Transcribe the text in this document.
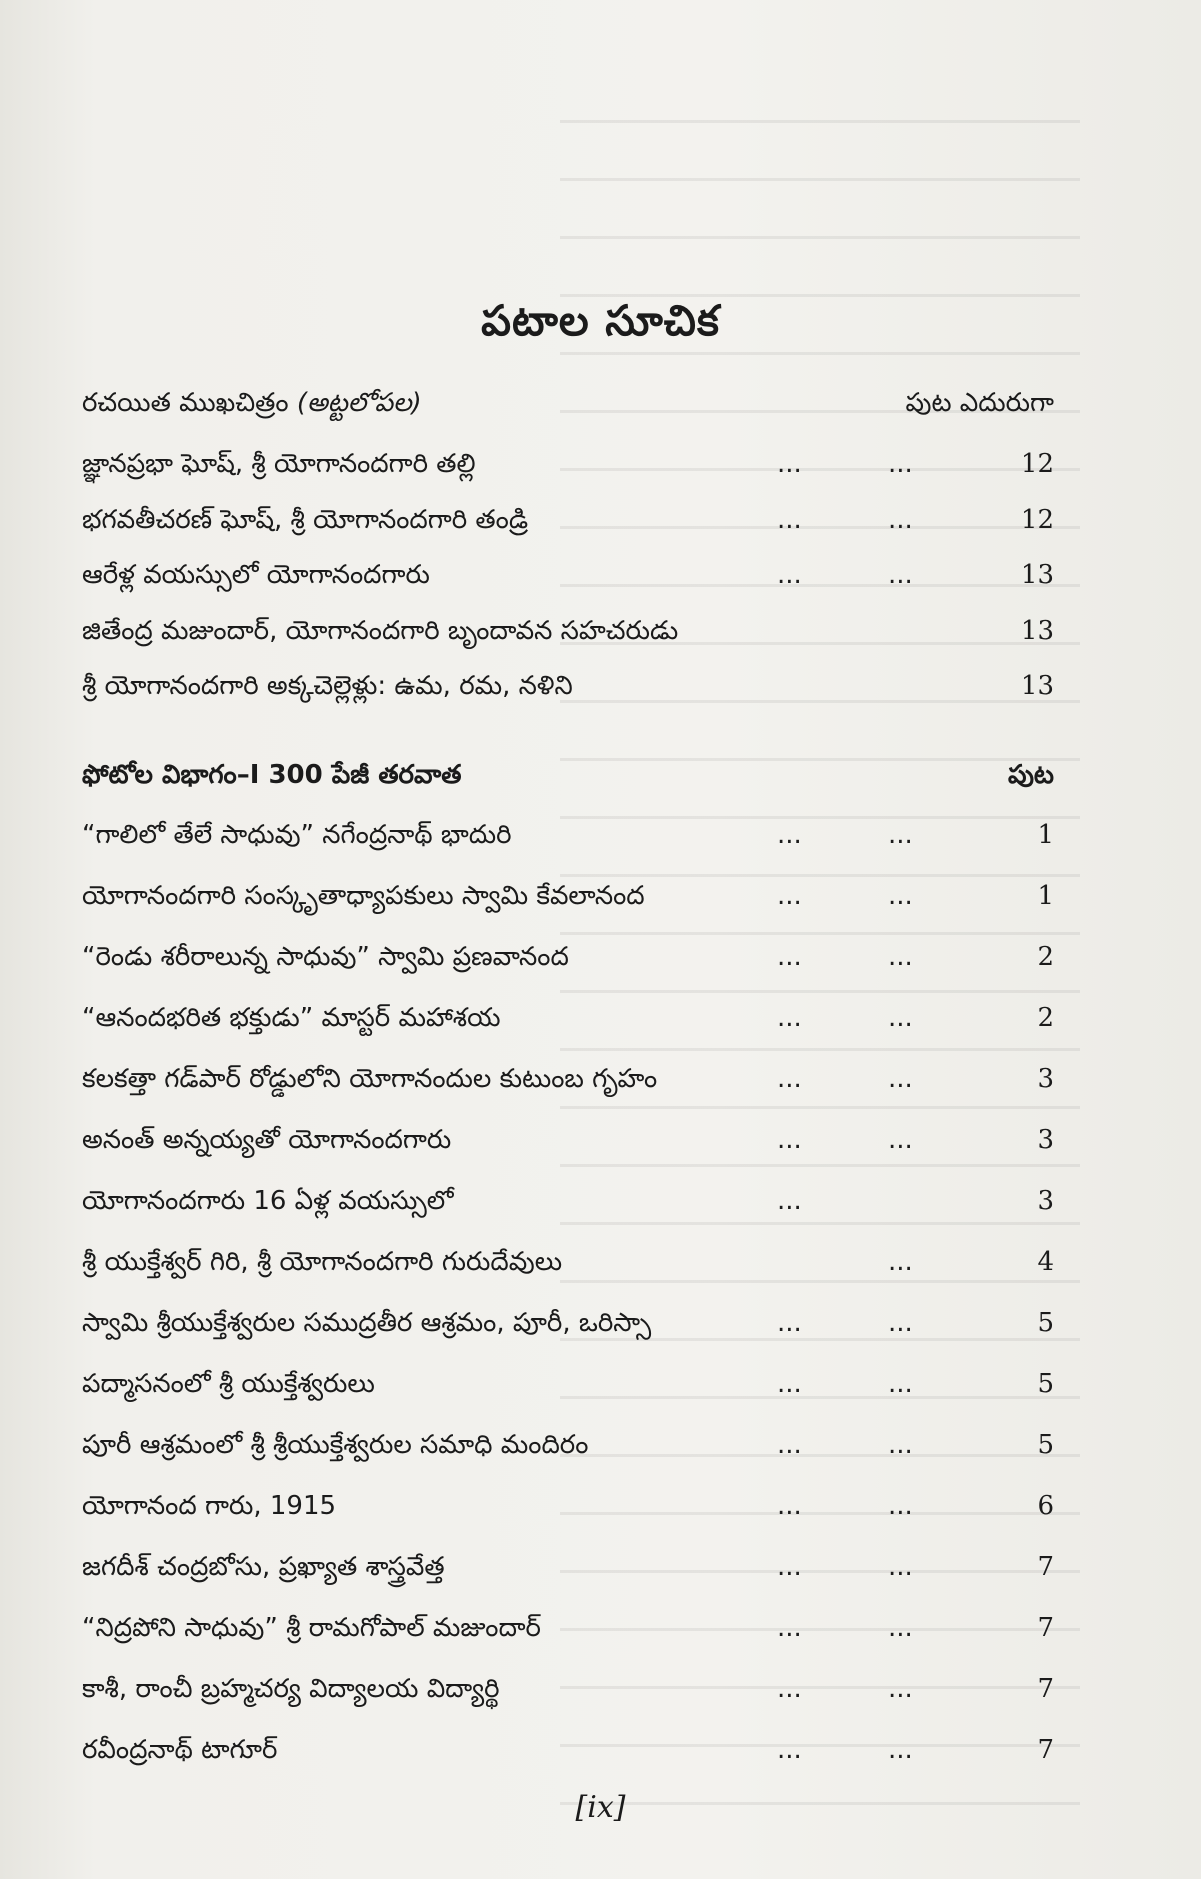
పటాల సూచిక
రచయిత ముఖచిత్రం (అట్టలోపల)	పుట ఎదురుగా
జ్ఞానప్రభా ఘోష్, శ్రీ యోగానందగారి తల్లి	...	...	12
భగవతీచరణ్ ఘోష్, శ్రీ యోగానందగారి తండ్రి	...	...	12
ఆరేళ్ల వయస్సులో యోగానందగారు	...	...	13
జితేంద్ర మజుందార్, యోగానందగారి బృందావన సహచరుడు	13
శ్రీ యోగానందగారి అక్కచెల్లెళ్లు: ఉమ, రమ, నళిని	13
ఫోటోల విభాగం–I 300 పేజీ తరవాత	పుట
“గాలిలో తేలే సాధువు” నగేంద్రనాథ్ భాదురి	...	...	1
యోగానందగారి సంస్కృతాధ్యాపకులు స్వామి కేవలానంద	...	...	1
“రెండు శరీరాలున్న సాధువు” స్వామి ప్రణవానంద	...	...	2
“ఆనందభరిత భక్తుడు” మాస్టర్ మహాశయ	...	...	2
కలకత్తా గడ్‌పార్ రోడ్డులోని యోగానందుల కుటుంబ గృహం	...	...	3
అనంత్ అన్నయ్యతో యోగానందగారు	...	...	3
యోగానందగారు 16 ఏళ్ల వయస్సులో	...	3
శ్రీ యుక్తేశ్వర్ గిరి, శ్రీ యోగానందగారి గురుదేవులు	...	4
స్వామి శ్రీయుక్తేశ్వరుల సముద్రతీర ఆశ్రమం, పూరీ, ఒరిస్సా	...	...	5
పద్మాసనంలో శ్రీ యుక్తేశ్వరులు	...	...	5
పూరీ ఆశ్రమంలో శ్రీ శ్రీయుక్తేశ్వరుల సమాధి మందిరం	...	...	5
యోగానంద గారు, 1915	...	...	6
జగదీశ్ చంద్రబోసు, ప్రఖ్యాత శాస్త్రవేత్త	...	...	7
“నిద్రపోని సాధువు” శ్రీ రామగోపాల్ మజుందార్	...	...	7
కాశీ, రాంచీ బ్రహ్మచర్య విద్యాలయ విద్యార్థి	...	...	7
రవీంద్రనాథ్ టాగూర్	...	...	7
[ix]
